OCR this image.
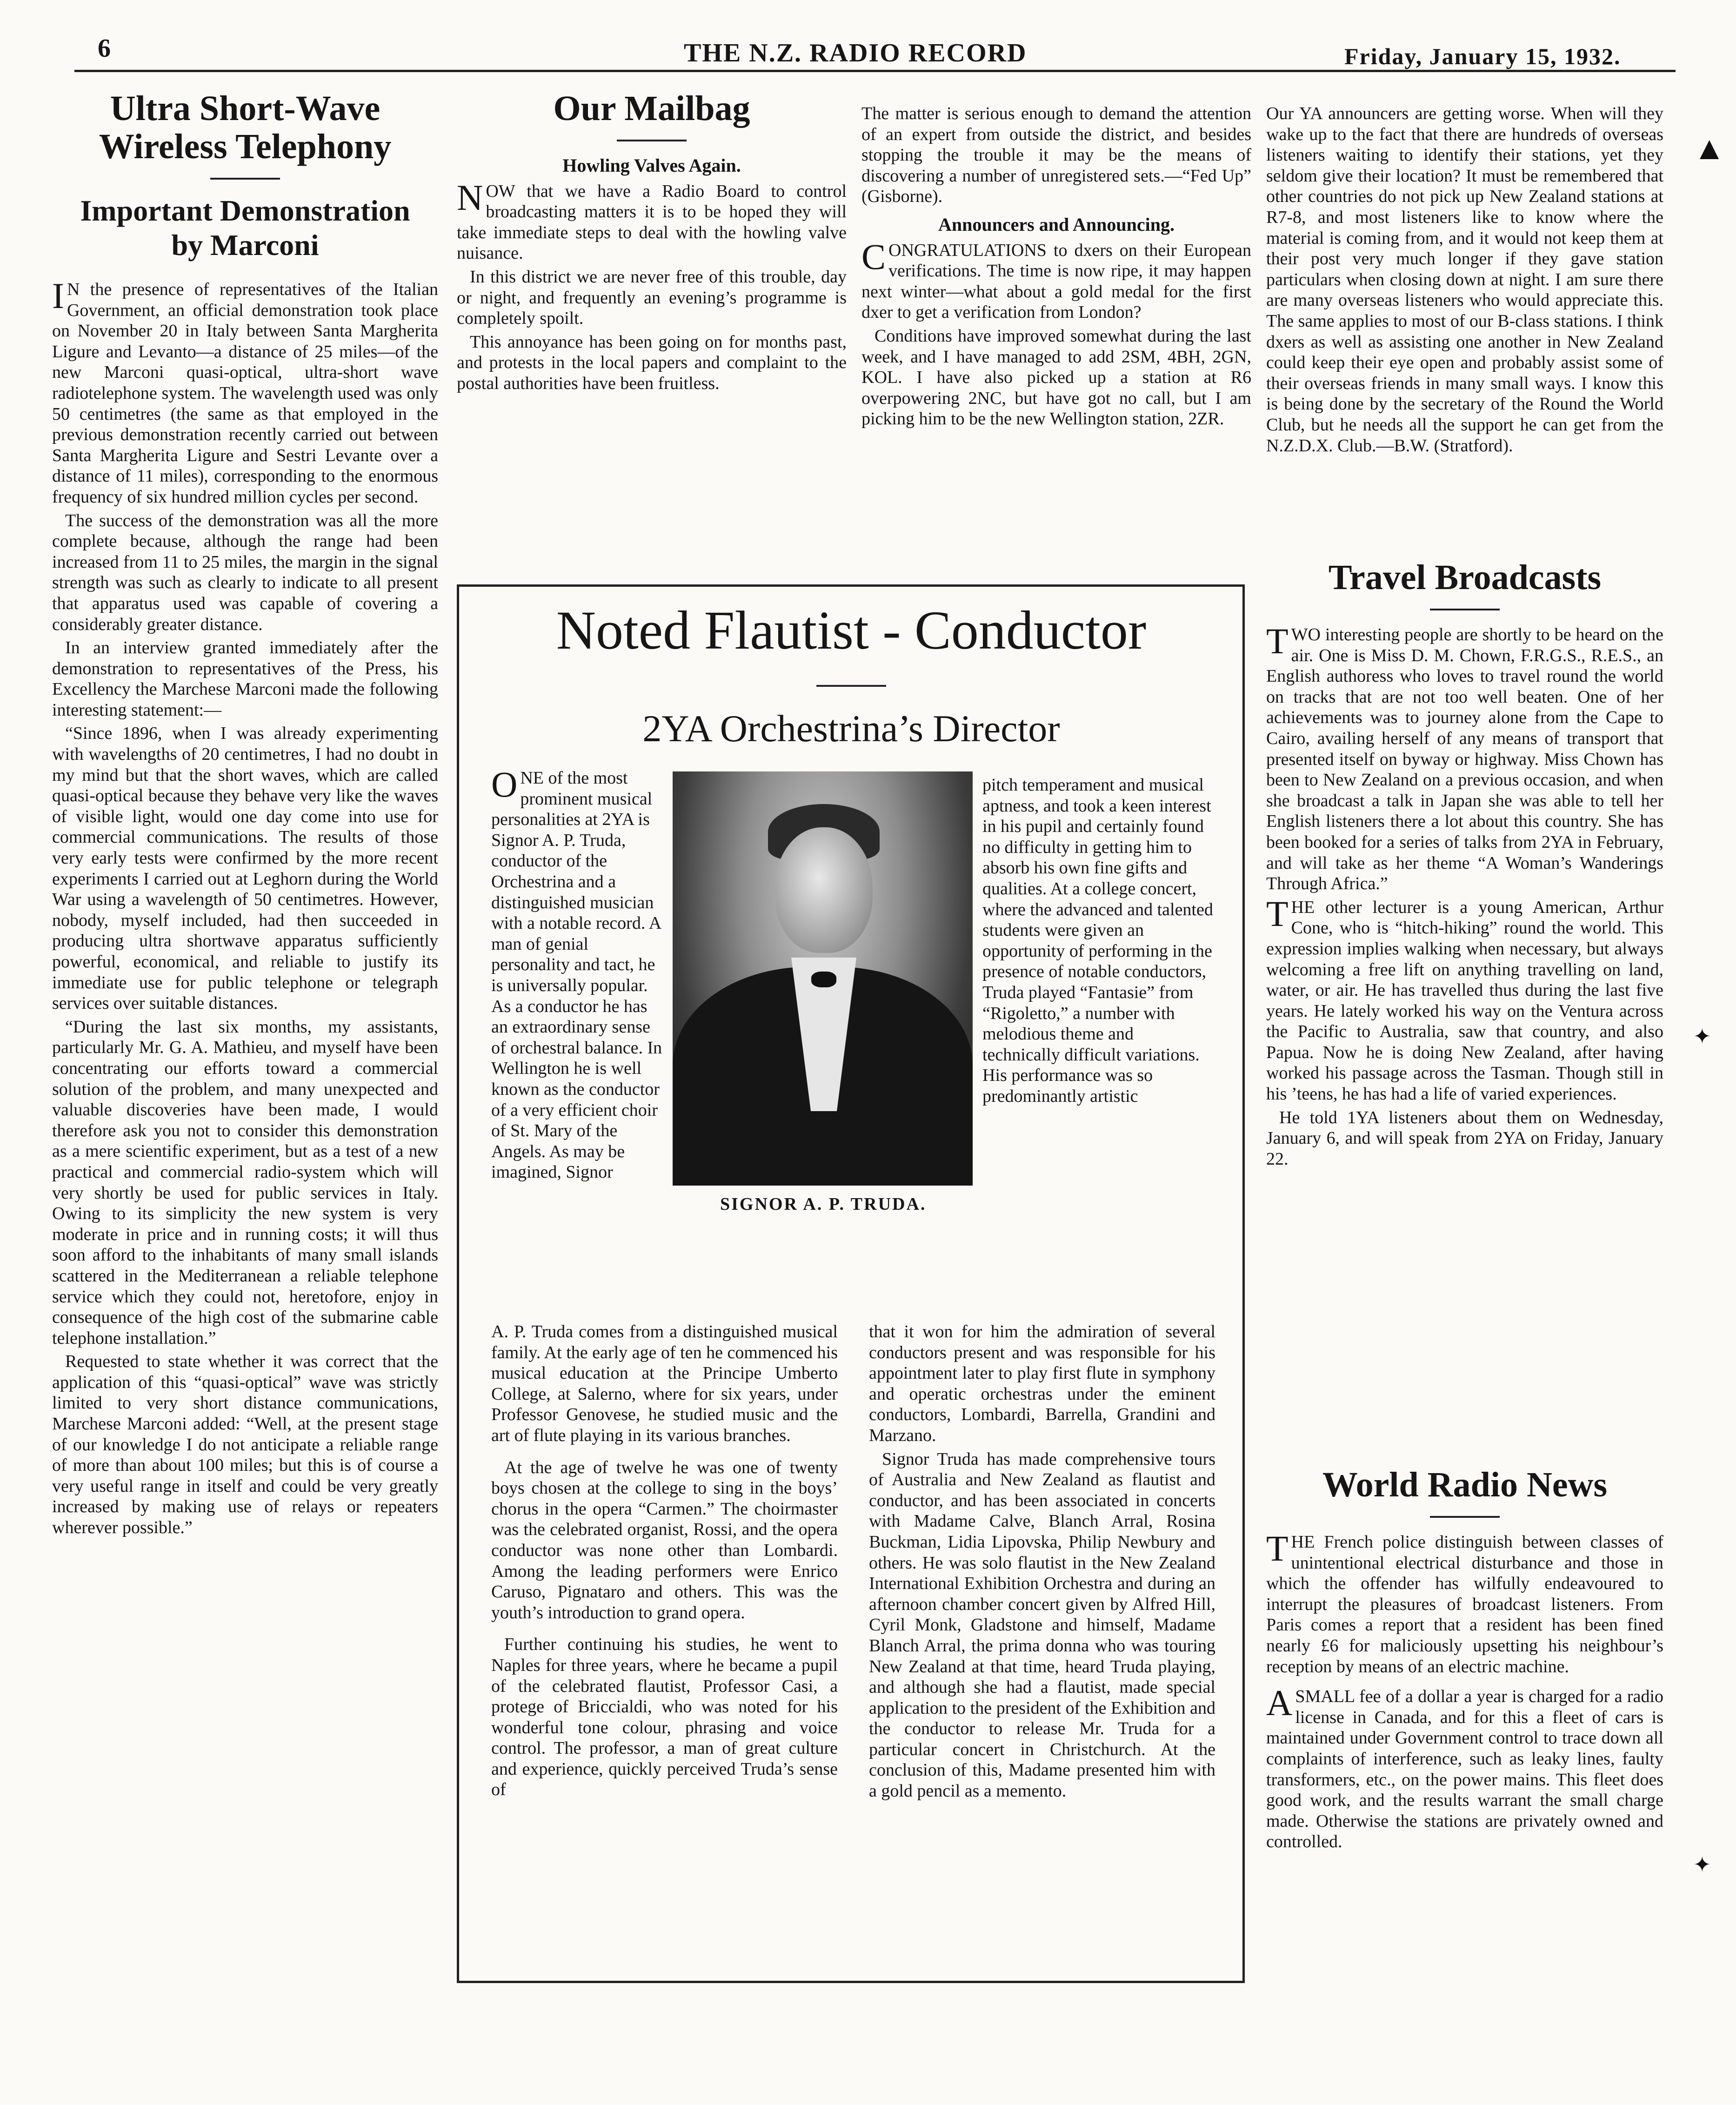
6	THE N.Z. RADIO RECORD	Friday, January 15, 1932.
Ultra Short-Wave
Wireless Telephony
Important Demonstration
by Marconi

IN the presence of representatives of the Italian Government, an official demonstration took place on November 20 in Italy between Santa Margherita Ligure and Levanto—a distance of 25 miles—of the new Marconi quasi-optical, ultra-short wave radiotelephone system. The wavelength used was only 50 centimetres (the same as that employed in the previous demonstration recently carried out between Santa Margherita Ligure and Sestri Levante over a distance of 11 miles), corresponding to the enormous frequency of six hundred million cycles per second.

The success of the demonstration was all the more complete because, although the range had been increased from 11 to 25 miles, the margin in the signal strength was such as clearly to indicate to all present that apparatus used was capable of covering a considerably greater distance.

In an interview granted immediately after the demonstration to representatives of the Press, his Excellency the Marchese Marconi made the following interesting statement:—

“Since 1896, when I was already experimenting with wavelengths of 20 centimetres, I had no doubt in my mind but that the short waves, which are called quasi-optical because they behave very like the waves of visible light, would one day come into use for commercial communications. The results of those very early tests were confirmed by the more recent experiments I carried out at Leghorn during the World War using a wavelength of 50 centimetres. However, nobody, myself included, had then succeeded in producing ultra shortwave apparatus sufficiently powerful, economical, and reliable to justify its immediate use for public telephone or telegraph services over suitable distances.

“During the last six months, my assistants, particularly Mr. G. A. Mathieu, and myself have been concentrating our efforts toward a commercial solution of the problem, and many unexpected and valuable discoveries have been made, I would therefore ask you not to consider this demonstration as a mere scientific experiment, but as a test of a new practical and commercial radio-system which will very shortly be used for public services in Italy. Owing to its simplicity the new system is very moderate in price and in running costs; it will thus soon afford to the inhabitants of many small islands scattered in the Mediterranean a reliable telephone service which they could not, heretofore, enjoy in consequence of the high cost of the submarine cable telephone installation.”

Requested to state whether it was correct that the application of this “quasi-optical” wave was strictly limited to very short distance communications, Marchese Marconi added: “Well, at the present stage of our knowledge I do not anticipate a reliable range of more than about 100 miles; but this is of course a very useful range in itself and could be very greatly increased by making use of relays or repeaters wherever possible.”

Our Mailbag
Howling Valves Again.

NOW that we have a Radio Board to control broadcasting matters it is to be hoped they will take immediate steps to deal with the howling valve nuisance.

In this district we are never free of this trouble, day or night, and frequently an evening’s programme is completely spoilt.

This annoyance has been going on for months past, and protests in the local papers and complaint to the postal authorities have been fruitless.

The matter is serious enough to demand the attention of an expert from outside the district, and besides stopping the trouble it may be the means of discovering a number of unregistered sets.—“Fed Up” (Gisborne).

Announcers and Announcing.

CONGRATULATIONS to dxers on their European verifications. The time is now ripe, it may happen next winter—what about a gold medal for the first dxer to get a verification from London?

Conditions have improved somewhat during the last week, and I have managed to add 2SM, 4BH, 2GN, KOL. I have also picked up a station at R6 overpowering 2NC, but have got no call, but I am picking him to be the new Wellington station, 2ZR.

Our YA announcers are getting worse. When will they wake up to the fact that there are hundreds of overseas listeners waiting to identify their stations, yet they seldom give their location? It must be remembered that other countries do not pick up New Zealand stations at R7-8, and most listeners like to know where the material is coming from, and it would not keep them at their post very much longer if they gave station particulars when closing down at night. I am sure there are many overseas listeners who would appreciate this. The same applies to most of our B-class stations. I think dxers as well as assisting one another in New Zealand could keep their eye open and probably assist some of their overseas friends in many small ways. I know this is being done by the secretary of the Round the World Club, but he needs all the support he can get from the N.Z.D.X. Club.—B.W. (Stratford).

Travel Broadcasts

TWO interesting people are shortly to be heard on the air. One is Miss D. M. Chown, F.R.G.S., R.E.S., an English authoress who loves to travel round the world on tracks that are not too well beaten. One of her achievements was to journey alone from the Cape to Cairo, availing herself of any means of transport that presented itself on byway or highway. Miss Chown has been to New Zealand on a previous occasion, and when she broadcast a talk in Japan she was able to tell her English listeners there a lot about this country. She has been booked for a series of talks from 2YA in February, and will take as her theme “A Woman’s Wanderings Through Africa.”

THE other lecturer is a young American, Arthur Cone, who is “hitch-hiking” round the world. This expression implies walking when necessary, but always welcoming a free lift on anything travelling on land, water, or air. He has travelled thus during the last five years. He lately worked his way on the Ventura across the Pacific to Australia, saw that country, and also Papua. Now he is doing New Zealand, after having worked his passage across the Tasman. Though still in his ’teens, he has had a life of varied experiences.

He told 1YA listeners about them on Wednesday, January 6, and will speak from 2YA on Friday, January 22.

World Radio News

THE French police distinguish between classes of unintentional electrical disturbance and those in which the offender has wilfully endeavoured to interrupt the pleasures of broadcast listeners. From Paris comes a report that a resident has been fined nearly £6 for maliciously upsetting his neighbour’s reception by means of an electric machine.

ASMALL fee of a dollar a year is charged for a radio license in Canada, and for this a fleet of cars is maintained under Government control to trace down all complaints of interference, such as leaky lines, faulty transformers, etc., on the power mains. This fleet does good work, and the results warrant the small charge made. Otherwise the stations are privately owned and controlled.

Noted Flautist - Conductor
2YA Orchestrina’s Director
SIGNOR A. P. TRUDA.

ONE of the most prominent musical personalities at 2YA is Signor A. P. Truda, conductor of the Orchestrina and a distinguished musician with a notable record. A man of genial personality and tact, he is universally popular. As a conductor he has an extraordinary sense of orchestral balance. In Wellington he is well known as the conductor of a very efficient choir of St. Mary of the Angels. As may be imagined, Signor

pitch temperament and musical aptness, and took a keen interest in his pupil and certainly found no difficulty in getting him to absorb his own fine gifts and qualities. At a college concert, where the advanced and talented students were given an opportunity of performing in the presence of notable conductors, Truda played “Fantasie” from “Rigoletto,” a number with melodious theme and technically difficult variations. His performance was so predominantly artistic

A. P. Truda comes from a distinguished musical family. At the early age of ten he commenced his musical education at the Principe Umberto College, at Salerno, where for six years, under Professor Genovese, he studied music and the art of flute playing in its various branches.

At the age of twelve he was one of twenty boys chosen at the college to sing in the boys’ chorus in the opera “Carmen.” The choirmaster was the celebrated organist, Rossi, and the opera conductor was none other than Lombardi. Among the leading performers were Enrico Caruso, Pignataro and others. This was the youth’s introduction to grand opera.

Further continuing his studies, he went to Naples for three years, where he became a pupil of the celebrated flautist, Professor Casi, a protege of Briccialdi, who was noted for his wonderful tone colour, phrasing and voice control. The professor, a man of great culture and experience, quickly perceived Truda’s sense of

that it won for him the admiration of several conductors present and was responsible for his appointment later to play first flute in symphony and operatic orchestras under the eminent conductors, Lombardi, Barrella, Grandini and Marzano.

Signor Truda has made comprehensive tours of Australia and New Zealand as flautist and conductor, and has been associated in concerts with Madame Calve, Blanch Arral, Rosina Buckman, Lidia Lipovska, Philip Newbury and others. He was solo flautist in the New Zealand International Exhibition Orchestra and during an afternoon chamber concert given by Alfred Hill, Cyril Monk, Gladstone and himself, Madame Blanch Arral, the prima donna who was touring New Zealand at that time, heard Truda playing, and although she had a flautist, made special application to the president of the Exhibition and the conductor to release Mr. Truda for a particular concert in Christchurch. At the conclusion of this, Madame presented him with a gold pencil as a memento.

▲
✦
✦
